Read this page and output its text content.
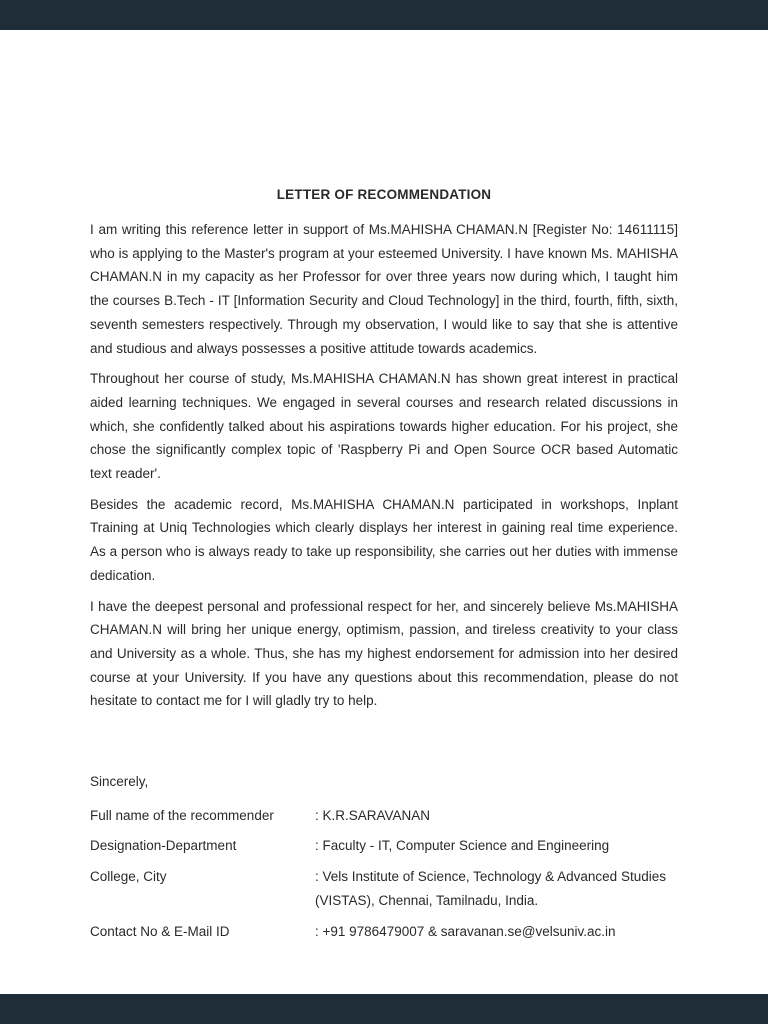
LETTER OF RECOMMENDATION

I am writing this reference letter in support of Ms.MAHISHA CHAMAN.N [Register No: 14611115] who is applying to the Master's program at your esteemed University. I have known Ms. MAHISHA CHAMAN.N in my capacity as her Professor for over three years now during which, I taught him the courses B.Tech - IT [Information Security and Cloud Technology] in the third, fourth, fifth, sixth, seventh semesters respectively. Through my observation, I would like to say that she is attentive and studious and always possesses a positive attitude towards academics.

Throughout her course of study, Ms.MAHISHA CHAMAN.N has shown great interest in practical aided learning techniques. We engaged in several courses and research related discussions in which, she confidently talked about his aspirations towards higher education. For his project, she chose the significantly complex topic of 'Raspberry Pi and Open Source OCR based Automatic text reader'.

Besides the academic record, Ms.MAHISHA CHAMAN.N participated in workshops, Inplant Training at Uniq Technologies which clearly displays her interest in gaining real time experience. As a person who is always ready to take up responsibility, she carries out her duties with immense dedication.

I have the deepest personal and professional respect for her, and sincerely believe Ms.MAHISHA CHAMAN.N will bring her unique energy, optimism, passion, and tireless creativity to your class and University as a whole. Thus, she has my highest endorsement for admission into her desired course at your University. If you have any questions about this recommendation, please do not hesitate to contact me for I will gladly try to help.

Sincerely,

Full name of the recommender	: K.R.SARAVANAN
Designation-Department	: Faculty - IT, Computer Science and Engineering
College, City	: Vels Institute of Science, Technology & Advanced Studies (VISTAS), Chennai, Tamilnadu, India.
Contact No & E-Mail ID	: +91 9786479007 & saravanan.se@velsuniv.ac.in
